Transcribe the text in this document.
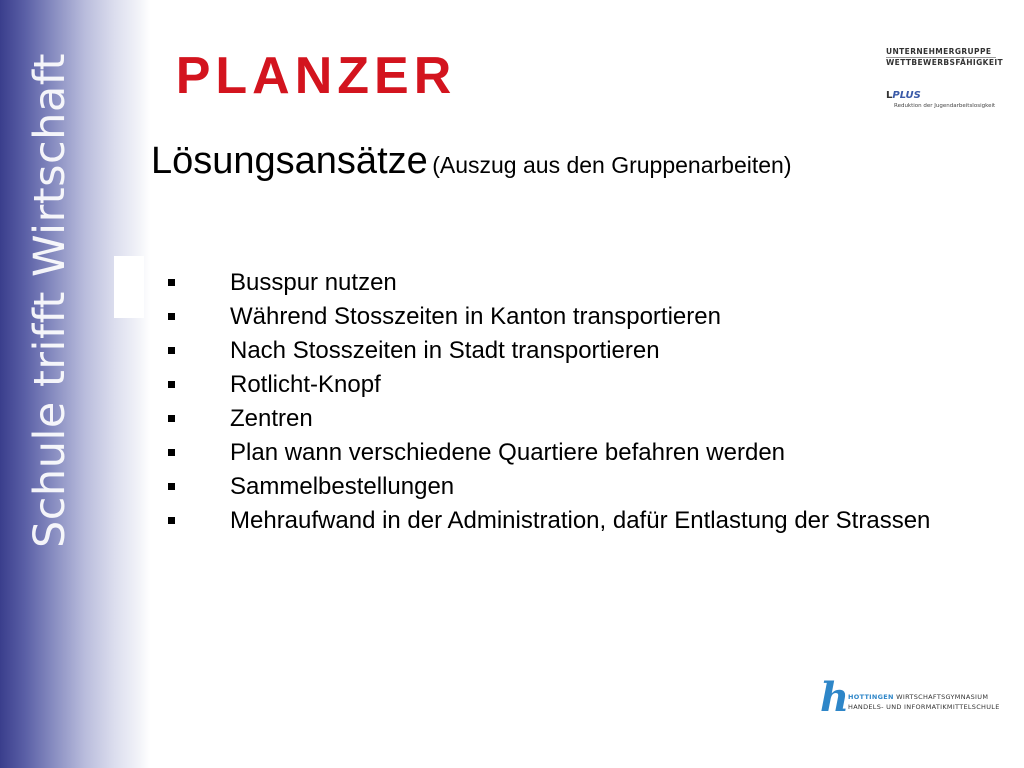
Schule trifft Wirtschaft PLANZER	UNTERNEHMERGRUPPE
WETTBEWERBSFÄHIGKEIT
LPLUS
Reduktion der Jugendarbeitslosigkeit
Lösungsansätze (Auszug aus den Gruppenarbeiten)
Busspur nutzen
Während Stosszeiten in Kanton transportieren
Nach Stosszeiten in Stadt transportieren
Rotlicht-Knopf
Zentren
Plan wann verschiedene Quartiere befahren werden
Sammelbestellungen
Mehraufwand in der Administration, dafür Entlastung der Strassen
h
HOTTINGEN WIRTSCHAFTSGYMNASIUM
HANDELS- UND INFORMATIKMITTELSCHULE
